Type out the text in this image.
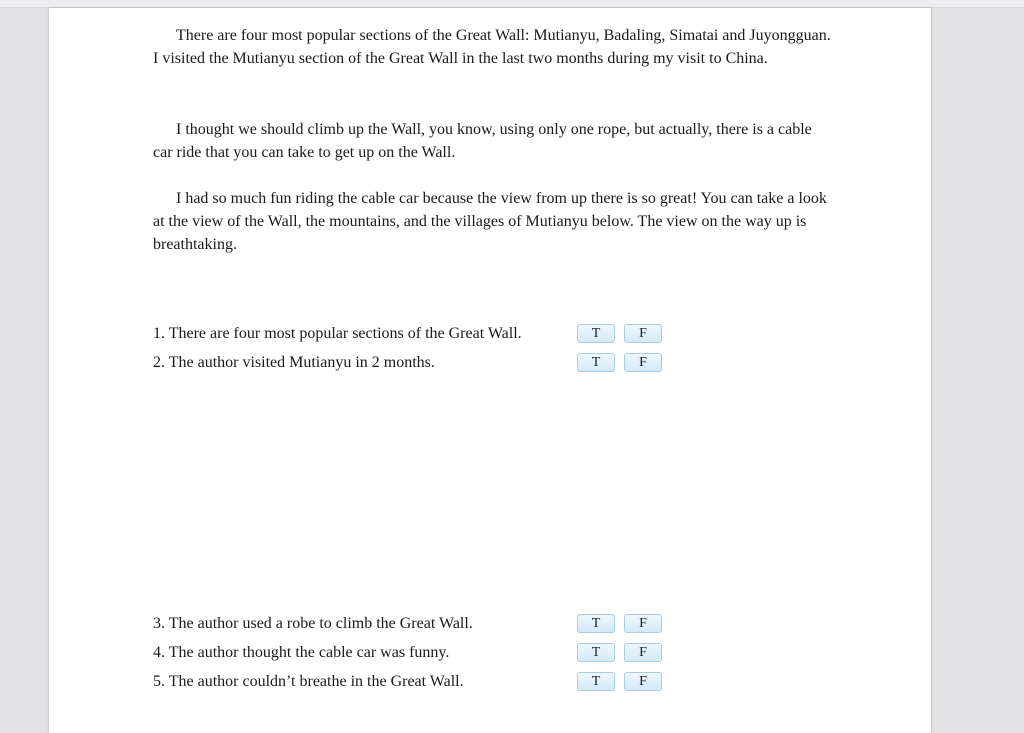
There are four most popular sections of the Great Wall: Mutianyu, Badaling, Simatai and Juyongguan. I visited the Mutianyu section of the Great Wall in the last two months during my visit to China.

I thought we should climb up the Wall, you know, using only one rope, but actually, there is a cable car ride that you can take to get up on the Wall.

I had so much fun riding the cable car because the view from up there is so great! You can take a look at the view of the Wall, the mountains, and the villages of Mutianyu below. The view on the way up is breathtaking.

1. There are four most popular sections of the Great Wall.	T	F
2. The author visited Mutianyu in 2 months.	T	F
3. The author used a robe to climb the Great Wall.	T	F
4. The author thought the cable car was funny.	T	F
5. The author couldn’t breathe in the Great Wall.	T	F
